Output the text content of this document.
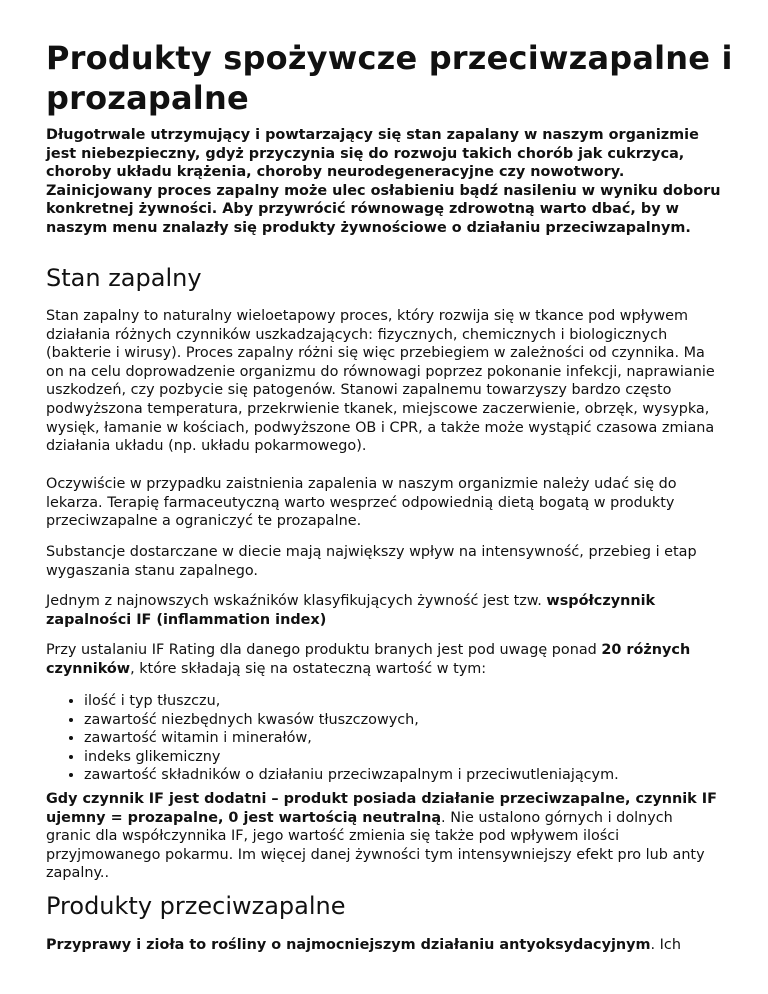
Produkty spożywcze przeciwzapalne i prozapalne

Długotrwale utrzymujący i powtarzający się stan zapalany w naszym organizmie jest niebezpieczny, gdyż przyczynia się do rozwoju takich chorób jak cukrzyca, choroby układu krążenia, choroby neurodegeneracyjne czy nowotwory. Zainicjowany proces zapalny może ulec osłabieniu bądź nasileniu w wyniku doboru konkretnej żywności. Aby przywrócić równowagę zdrowotną warto dbać, by w naszym menu znalazły się produkty żywnościowe o działaniu przeciwzapalnym.

Stan zapalny

Stan zapalny to naturalny wieloetapowy proces, który rozwija się w tkance pod wpływem działania różnych czynników uszkadzających: fizycznych, chemicznych i biologicznych (bakterie i wirusy). Proces zapalny różni się więc przebiegiem w zależności od czynnika. Ma on na celu doprowadzenie organizmu do równowagi poprzez pokonanie infekcji, naprawianie uszkodzeń, czy pozbycie się patogenów. Stanowi zapalnemu towarzyszy bardzo często podwyższona temperatura, przekrwienie tkanek, miejscowe zaczerwienie, obrzęk, wysypka, wysięk, łamanie w kościach, podwyższone OB i CPR, a także może wystąpić czasowa zmiana działania układu (np. układu pokarmowego).

Oczywiście w przypadku zaistnienia zapalenia w naszym organizmie należy udać się do lekarza. Terapię farmaceutyczną warto wesprzeć odpowiednią dietą bogatą w produkty przeciwzapalne a ograniczyć te prozapalne.

Substancje dostarczane w diecie mają największy wpływ na intensywność, przebieg i etap wygaszania stanu zapalnego.

Jednym z najnowszych wskaźników klasyfikujących żywność jest tzw. współczynnik zapalności IF (inflammation index)

Przy ustalaniu IF Rating dla danego produktu branych jest pod uwagę ponad 20 różnych czynników, które składają się na ostateczną wartość w tym:

• ilość i typ tłuszczu,
• zawartość niezbędnych kwasów tłuszczowych,
• zawartość witamin i minerałów,
• indeks glikemiczny
• zawartość składników o działaniu przeciwzapalnym i przeciwutleniającym.

Gdy czynnik IF jest dodatni – produkt posiada działanie przeciwzapalne, czynnik IF ujemny = prozapalne, 0 jest wartością neutralną. Nie ustalono górnych i dolnych granic dla współczynnika IF, jego wartość zmienia się także pod wpływem ilości przyjmowanego pokarmu. Im więcej danej żywności tym intensywniejszy efekt pro lub anty zapalny..

Produkty przeciwzapalne

Przyprawy i zioła to rośliny o najmocniejszym działaniu antyoksydacyjnym. Ich
